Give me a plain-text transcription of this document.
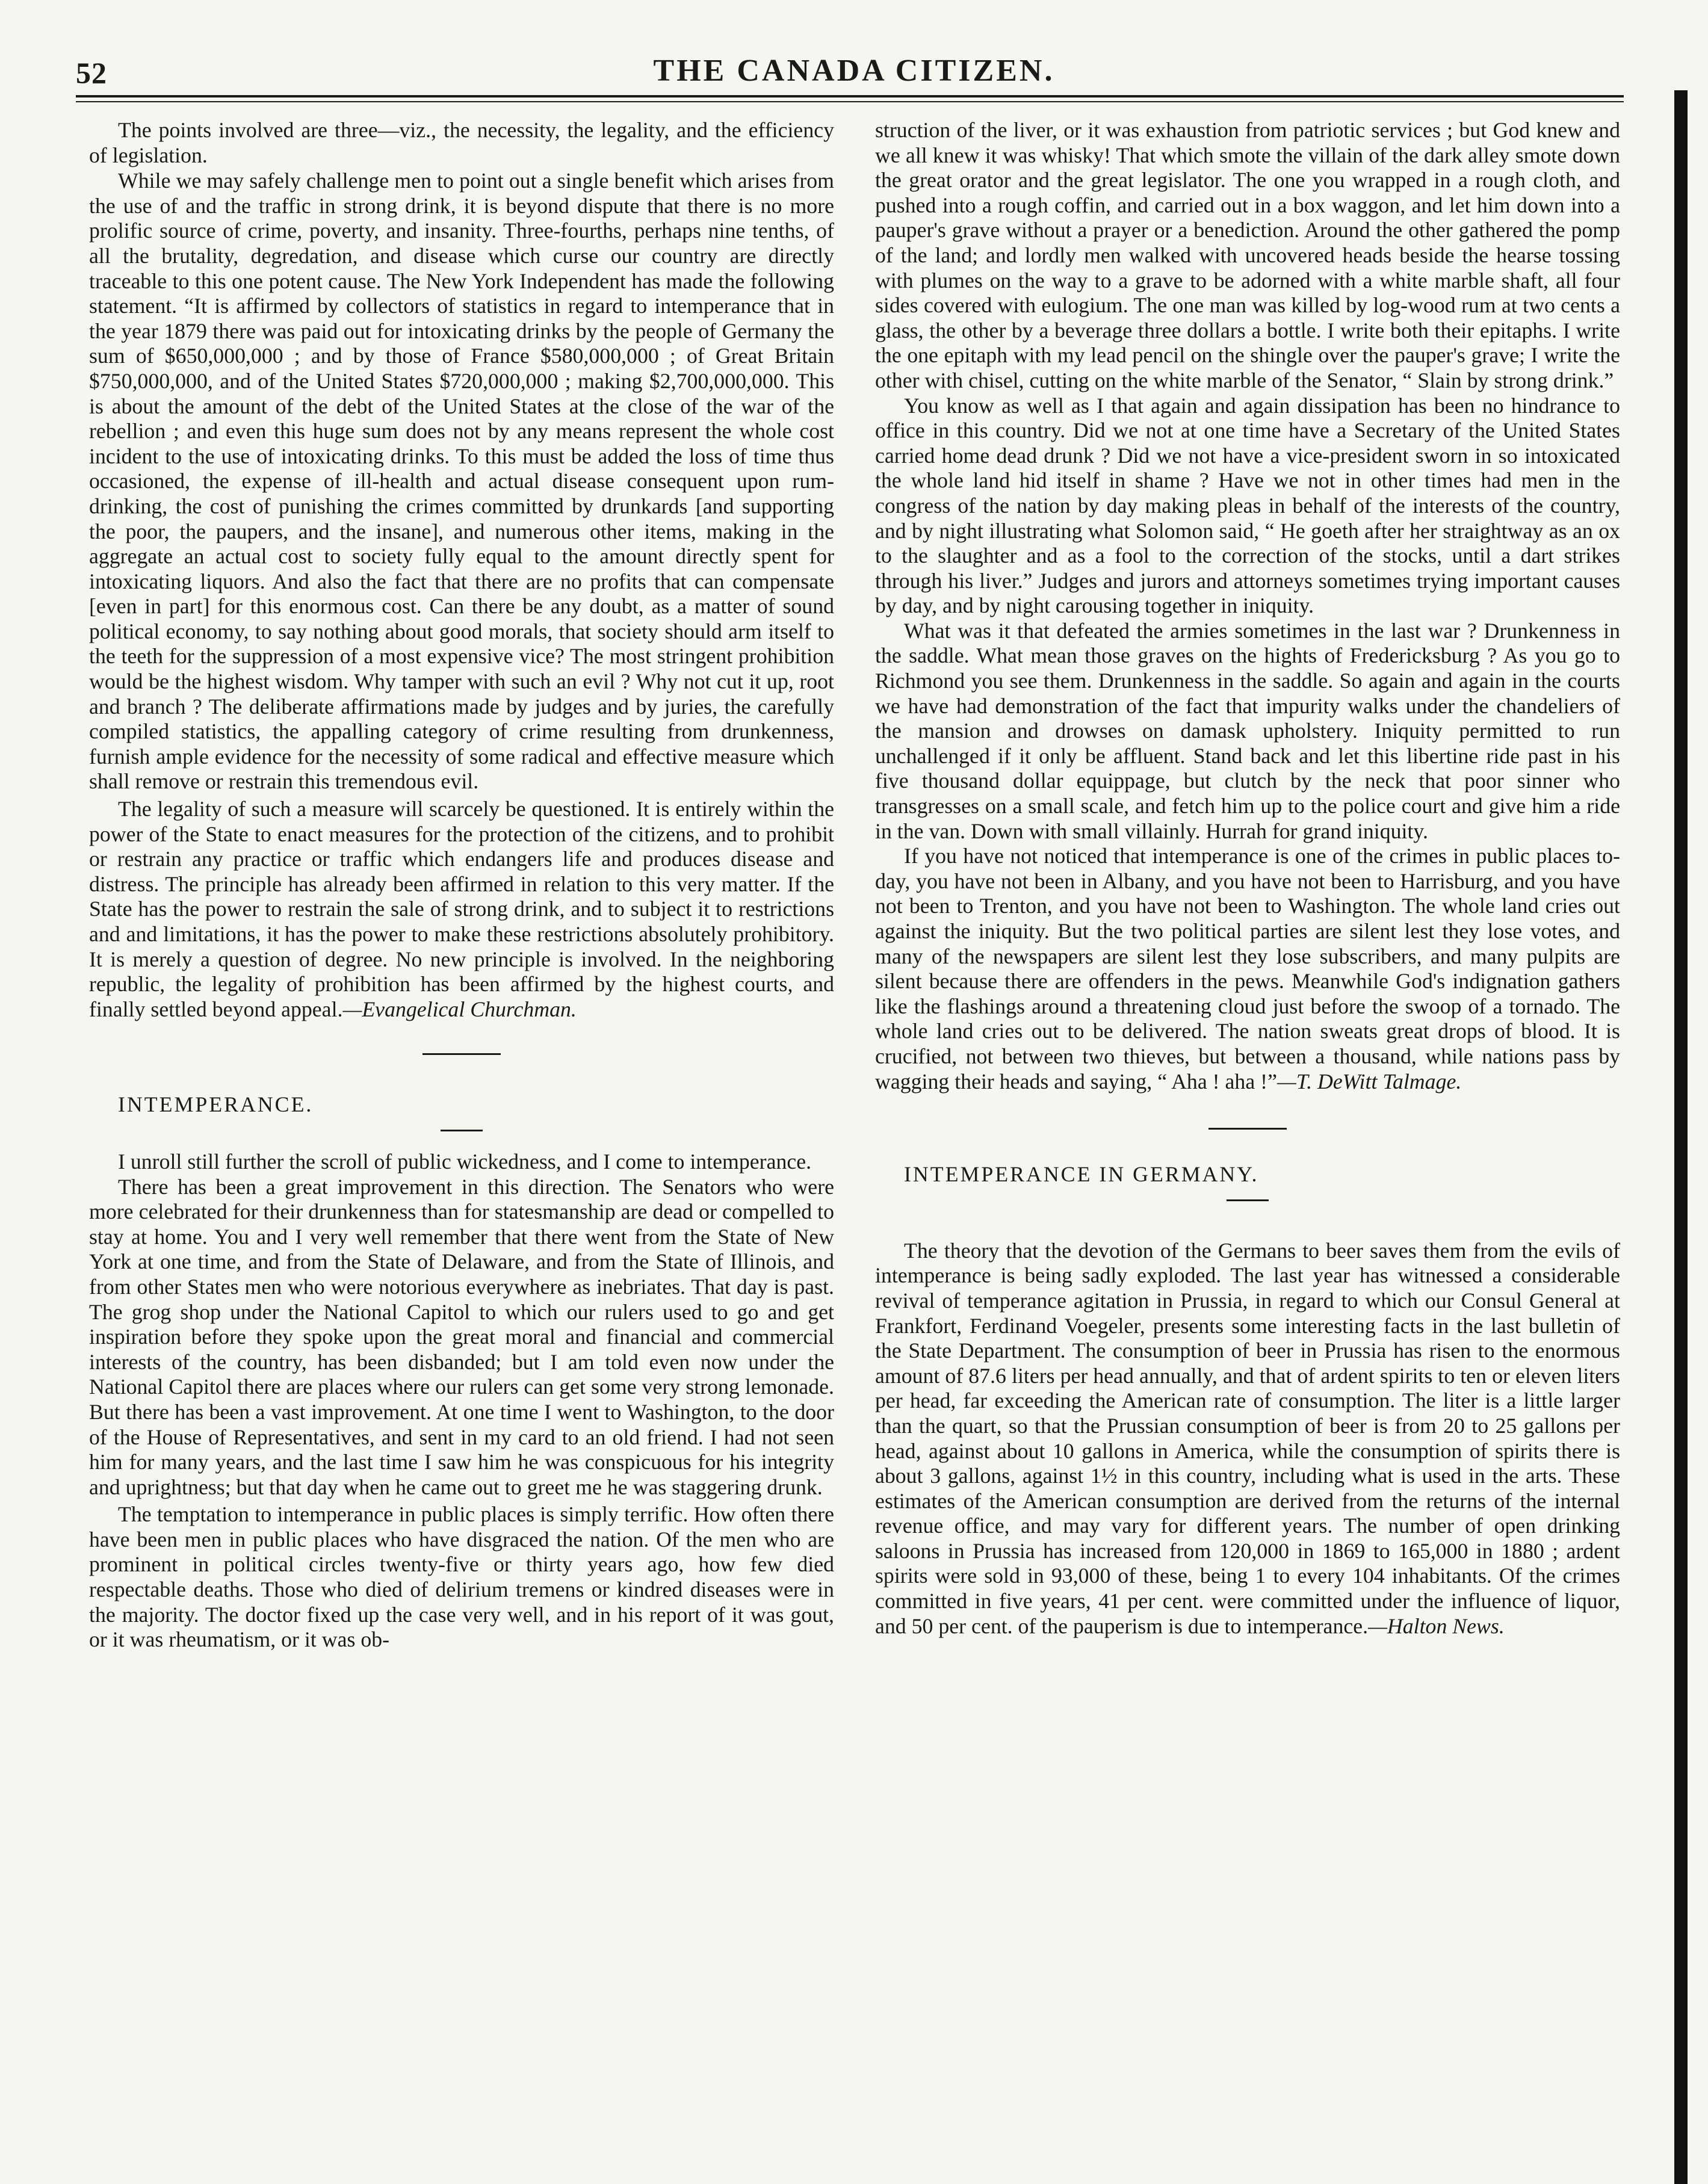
52	THE CANADA CITIZEN.

The points involved are three—viz., the necessity, the legality, and the efficiency of legislation.

While we may safely challenge men to point out a single benefit which arises from the use of and the traffic in strong drink, it is beyond dispute that there is no more prolific source of crime, poverty, and insanity. Three-fourths, perhaps nine tenths, of all the brutality, degredation, and disease which curse our country are directly traceable to this one potent cause. The New York Independent has made the following statement. “It is affirmed by collectors of statistics in regard to intemperance that in the year 1879 there was paid out for intoxicating drinks by the people of Germany the sum of $650,000,000 ; and by those of France $580,000,000 ; of Great Britain $750,000,000, and of the United States $720,000,000 ; making $2,700,000,000. This is about the amount of the debt of the United States at the close of the war of the rebellion ; and even this huge sum does not by any means represent the whole cost incident to the use of intoxicating drinks. To this must be added the loss of time thus occasioned, the expense of ill-health and actual disease consequent upon rum-drinking, the cost of punishing the crimes committed by drunkards [and supporting the poor, the paupers, and the insane], and numerous other items, making in the aggregate an actual cost to society fully equal to the amount directly spent for intoxicating liquors. And also the fact that there are no profits that can compensate [even in part] for this enormous cost. Can there be any doubt, as a matter of sound political economy, to say nothing about good morals, that society should arm itself to the teeth for the suppression of a most expensive vice? The most stringent prohibition would be the highest wisdom. Why tamper with such an evil ? Why not cut it up, root and branch ? The deliberate affirmations made by judges and by juries, the carefully compiled statistics, the appalling category of crime resulting from drunkenness, furnish ample evidence for the necessity of some radical and effective measure which shall remove or restrain this tremendous evil.

The legality of such a measure will scarcely be questioned. It is entirely within the power of the State to enact measures for the protection of the citizens, and to prohibit or restrain any practice or traffic which endangers life and produces disease and distress. The principle has already been affirmed in relation to this very matter. If the State has the power to restrain the sale of strong drink, and to subject it to restrictions and and limitations, it has the power to make these restrictions absolutely prohibitory. It is merely a question of degree. No new principle is involved. In the neighboring republic, the legality of prohibition has been affirmed by the highest courts, and finally settled beyond appeal.—Evangelical Churchman.

INTEMPERANCE.

I unroll still further the scroll of public wickedness, and I come to intemperance.

There has been a great improvement in this direction. The Senators who were more celebrated for their drunkenness than for statesmanship are dead or compelled to stay at home. You and I very well remember that there went from the State of New York at one time, and from the State of Delaware, and from the State of Illinois, and from other States men who were notorious everywhere as inebriates. That day is past. The grog shop under the National Capitol to which our rulers used to go and get inspiration before they spoke upon the great moral and financial and commercial interests of the country, has been disbanded; but I am told even now under the National Capitol there are places where our rulers can get some very strong lemonade. But there has been a vast improvement. At one time I went to Washington, to the door of the House of Representatives, and sent in my card to an old friend. I had not seen him for many years, and the last time I saw him he was conspicuous for his integrity and uprightness; but that day when he came out to greet me he was staggering drunk.

The temptation to intemperance in public places is simply terrific. How often there have been men in public places who have disgraced the nation. Of the men who are prominent in political circles twenty-five or thirty years ago, how few died respectable deaths. Those who died of delirium tremens or kindred diseases were in the majority. The doctor fixed up the case very well, and in his report of it was gout, or it was rheumatism, or it was ob-

struction of the liver, or it was exhaustion from patriotic services ; but God knew and we all knew it was whisky! That which smote the villain of the dark alley smote down the great orator and the great legislator. The one you wrapped in a rough cloth, and pushed into a rough coffin, and carried out in a box waggon, and let him down into a pauper's grave without a prayer or a benediction. Around the other gathered the pomp of the land; and lordly men walked with uncovered heads beside the hearse tossing with plumes on the way to a grave to be adorned with a white marble shaft, all four sides covered with eulogium. The one man was killed by log-wood rum at two cents a glass, the other by a beverage three dollars a bottle. I write both their epitaphs. I write the one epitaph with my lead pencil on the shingle over the pauper's grave; I write the other with chisel, cutting on the white marble of the Senator, “ Slain by strong drink.”

You know as well as I that again and again dissipation has been no hindrance to office in this country. Did we not at one time have a Secretary of the United States carried home dead drunk ? Did we not have a vice-president sworn in so intoxicated the whole land hid itself in shame ? Have we not in other times had men in the congress of the nation by day making pleas in behalf of the interests of the country, and by night illustrating what Solomon said, “ He goeth after her straightway as an ox to the slaughter and as a fool to the correction of the stocks, until a dart strikes through his liver.” Judges and jurors and attorneys sometimes trying important causes by day, and by night carousing together in iniquity.

What was it that defeated the armies sometimes in the last war ? Drunkenness in the saddle. What mean those graves on the hights of Fredericksburg ? As you go to Richmond you see them. Drunkenness in the saddle. So again and again in the courts we have had demonstration of the fact that impurity walks under the chandeliers of the mansion and drowses on damask upholstery. Iniquity permitted to run unchallenged if it only be affluent. Stand back and let this libertine ride past in his five thousand dollar equippage, but clutch by the neck that poor sinner who transgresses on a small scale, and fetch him up to the police court and give him a ride in the van. Down with small villainly. Hurrah for grand iniquity.

If you have not noticed that intemperance is one of the crimes in public places to-day, you have not been in Albany, and you have not been to Harrisburg, and you have not been to Trenton, and you have not been to Washington. The whole land cries out against the iniquity. But the two political parties are silent lest they lose votes, and many of the newspapers are silent lest they lose subscribers, and many pulpits are silent because there are offenders in the pews. Meanwhile God's indignation gathers like the flashings around a threatening cloud just before the swoop of a tornado. The whole land cries out to be delivered. The nation sweats great drops of blood. It is crucified, not between two thieves, but between a thousand, while nations pass by wagging their heads and saying, “ Aha ! aha !”—T. DeWitt Talmage.

INTEMPERANCE IN GERMANY.

The theory that the devotion of the Germans to beer saves them from the evils of intemperance is being sadly exploded. The last year has witnessed a considerable revival of temperance agitation in Prussia, in regard to which our Consul General at Frankfort, Ferdinand Voegeler, presents some interesting facts in the last bulletin of the State Department. The consumption of beer in Prussia has risen to the enormous amount of 87.6 liters per head annually, and that of ardent spirits to ten or eleven liters per head, far exceeding the American rate of consumption. The liter is a little larger than the quart, so that the Prussian consumption of beer is from 20 to 25 gallons per head, against about 10 gallons in America, while the consumption of spirits there is about 3 gallons, against 1½ in this country, including what is used in the arts. These estimates of the American consumption are derived from the returns of the internal revenue office, and may vary for different years. The number of open drinking saloons in Prussia has increased from 120,000 in 1869 to 165,000 in 1880 ; ardent spirits were sold in 93,000 of these, being 1 to every 104 inhabitants. Of the crimes committed in five years, 41 per cent. were committed under the influence of liquor, and 50 per cent. of the pauperism is due to intemperance.—Halton News.
